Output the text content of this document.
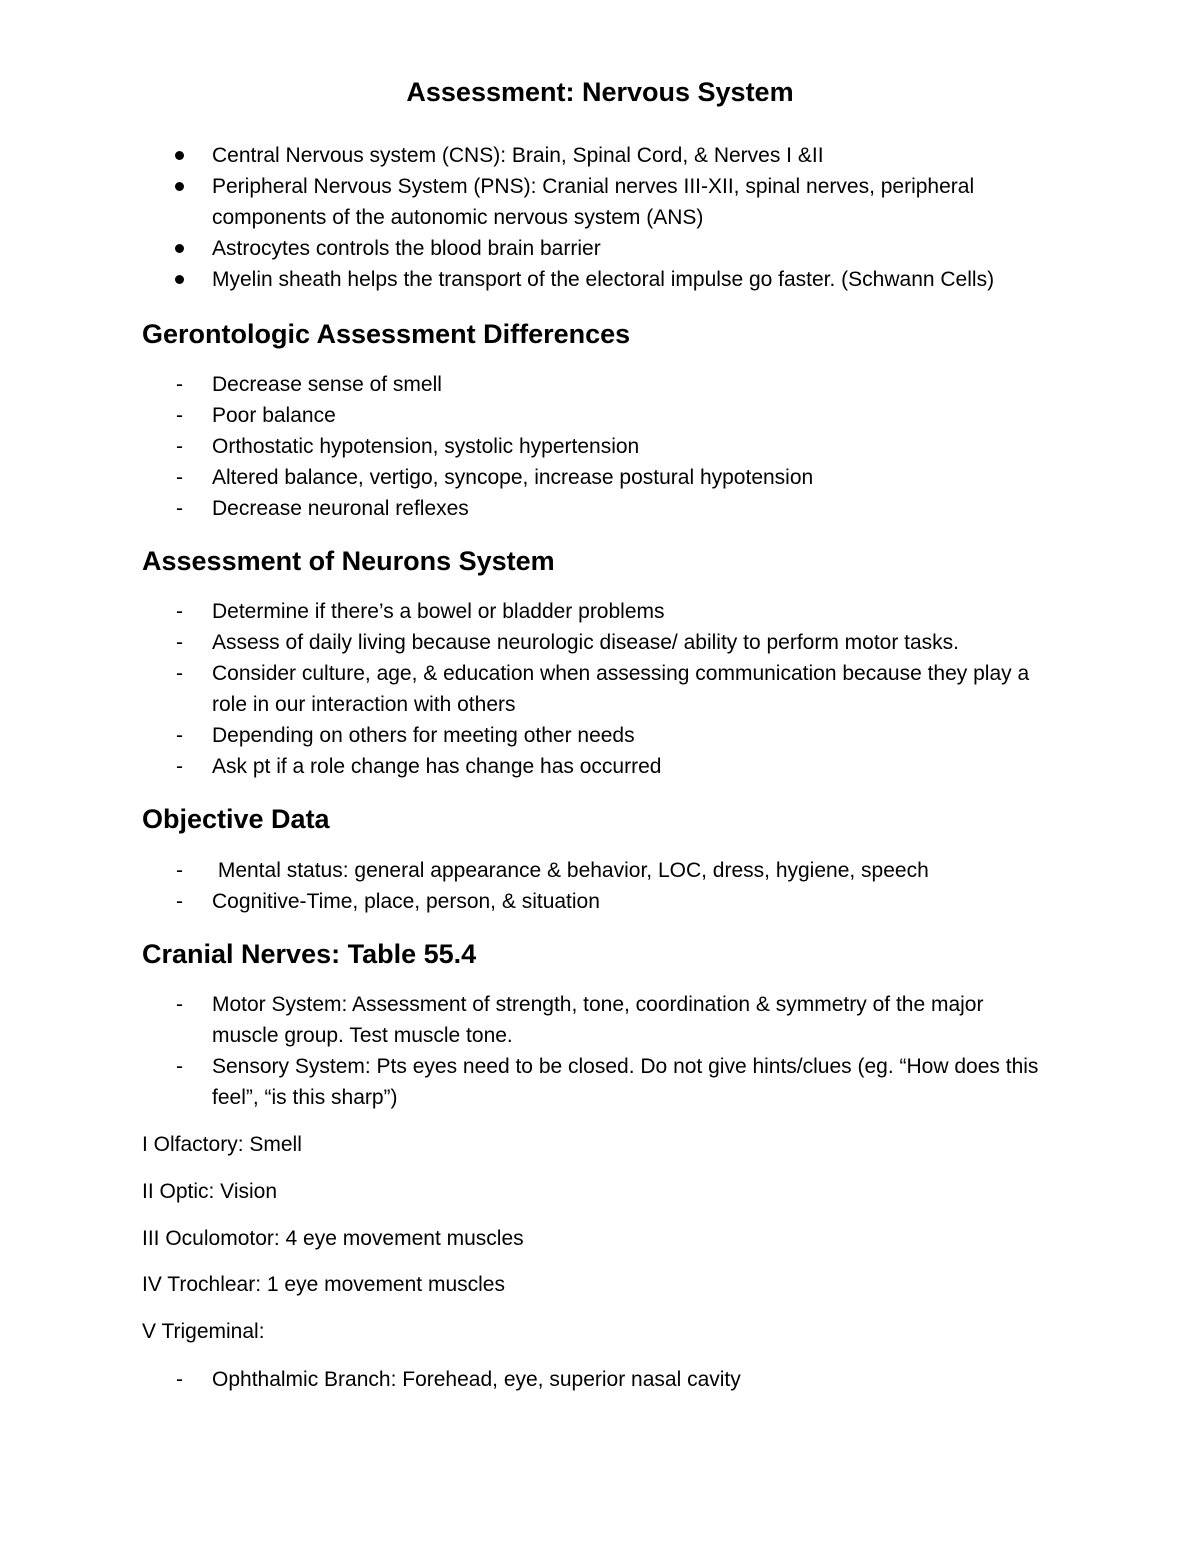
Assessment: Nervous System
Central Nervous system (CNS): Brain, Spinal Cord, & Nerves I &II
Peripheral Nervous System (PNS): Cranial nerves III-XII, spinal nerves, peripheral components of the autonomic nervous system (ANS)
Astrocytes controls the blood brain barrier
Myelin sheath helps the transport of the electoral impulse go faster. (Schwann Cells)
Gerontologic Assessment Differences
- Decrease sense of smell
- Poor balance
- Orthostatic hypotension, systolic hypertension
- Altered balance, vertigo, syncope, increase postural hypotension
- Decrease neuronal reflexes
Assessment of Neurons System
- Determine if there’s a bowel or bladder problems
- Assess of daily living because neurologic disease/ ability to perform motor tasks.
- Consider culture, age, & education when assessing communication because they play a role in our interaction with others
- Depending on others for meeting other needs
- Ask pt if a role change has change has occurred
Objective Data
- Mental status: general appearance & behavior, LOC, dress, hygiene, speech
- Cognitive-Time, place, person, & situation
Cranial Nerves: Table 55.4
- Motor System: Assessment of strength, tone, coordination & symmetry of the major muscle group. Test muscle tone.
- Sensory System: Pts eyes need to be closed. Do not give hints/clues (eg. “How does this feel”, “is this sharp”)

I Olfactory: Smell

II Optic: Vision

III Oculomotor: 4 eye movement muscles

IV Trochlear: 1 eye movement muscles

V Trigeminal:

- Ophthalmic Branch: Forehead, eye, superior nasal cavity
